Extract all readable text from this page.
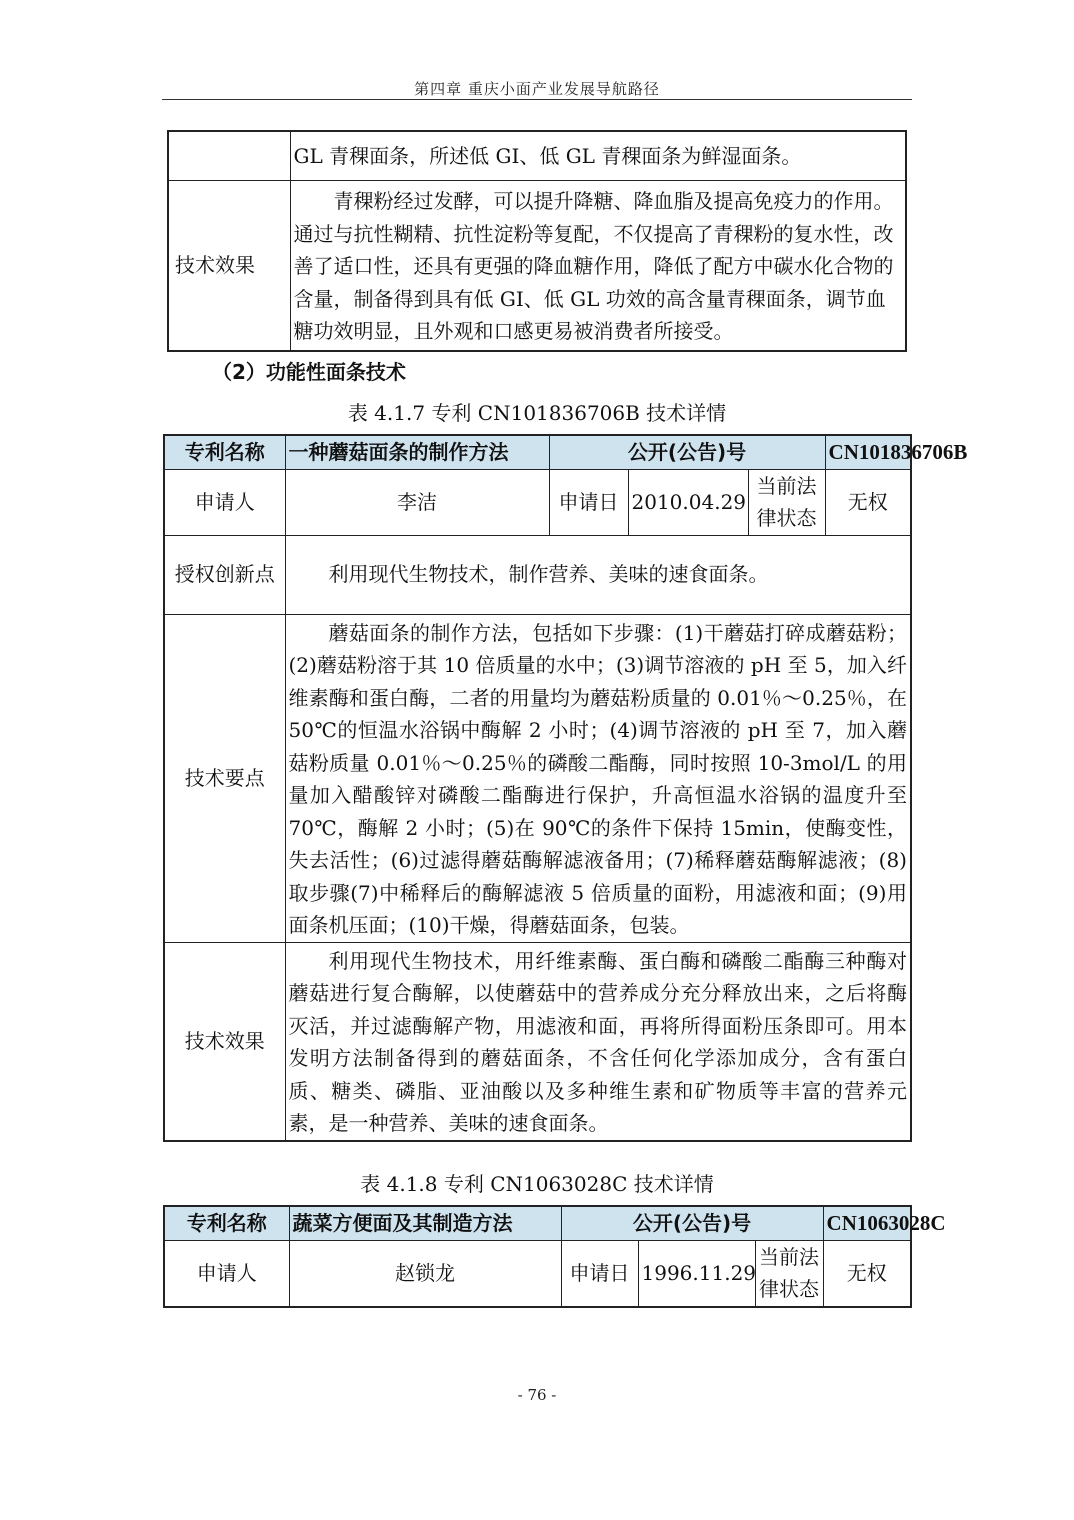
第四章 重庆小面产业发展导航路径
	GL 青稞面条，所述低 GI、低 GL 青稞面条为鲜湿面条。
技术效果	青稞粉经过发酵，可以提升降糖、降血脂及提高免疫力的作用。通过与抗性糊精、抗性淀粉等复配，不仅提高了青稞粉的复水性，改善了适口性，还具有更强的降血糖作用，降低了配方中碳水化合物的含量，制备得到具有低 GI、低 GL 功效的高含量青稞面条，调节血糖功效明显，且外观和口感更易被消费者所接受。
（2）功能性面条技术
表 4.1.7 专利 CN101836706B 技术详情
专利名称	一种蘑菇面条的制作方法	公开(公告)号			CN101836706B
申请人	李洁	申请日	2010.04.29	当前法律状态	无权
授权创新点	利用现代生物技术，制作营养、美味的速食面条。				
技术要点	蘑菇面条的制作方法，包括如下步骤：(1)干蘑菇打碎成蘑菇粉；(2)蘑菇粉溶于其 10 倍质量的水中；(3)调节溶液的 pH 至 5，加入纤维素酶和蛋白酶，二者的用量均为蘑菇粉质量的 0.01％～0.25％，在 50℃的恒温水浴锅中酶解 2 小时；(4)调节溶液的 pH 至 7，加入蘑菇粉质量 0.01％～0.25％的磷酸二酯酶，同时按照 10-3mol/L 的用量加入醋酸锌对磷酸二酯酶进行保护，升高恒温水浴锅的温度升至 70℃，酶解 2 小时；(5)在 90℃的条件下保持 15min，使酶变性，失去活性；(6)过滤得蘑菇酶解滤液备用；(7)稀释蘑菇酶解滤液；(8)取步骤(7)中稀释后的酶解滤液 5 倍质量的面粉，用滤液和面；(9)用面条机压面；(10)干燥，得蘑菇面条，包装。				
技术效果	利用现代生物技术，用纤维素酶、蛋白酶和磷酸二酯酶三种酶对蘑菇进行复合酶解，以使蘑菇中的营养成分充分释放出来，之后将酶灭活，并过滤酶解产物，用滤液和面，再将所得面粉压条即可。用本发明方法制备得到的蘑菇面条，不含任何化学添加成分，含有蛋白质、糖类、磷脂、亚油酸以及多种维生素和矿物质等丰富的营养元素，是一种营养、美味的速食面条。				
表 4.1.8 专利 CN1063028C 技术详情
专利名称	蔬菜方便面及其制造方法	公开(公告)号			CN1063028C
申请人	赵锁龙	申请日	1996.11.29	当前法律状态	无权
- 76 -
